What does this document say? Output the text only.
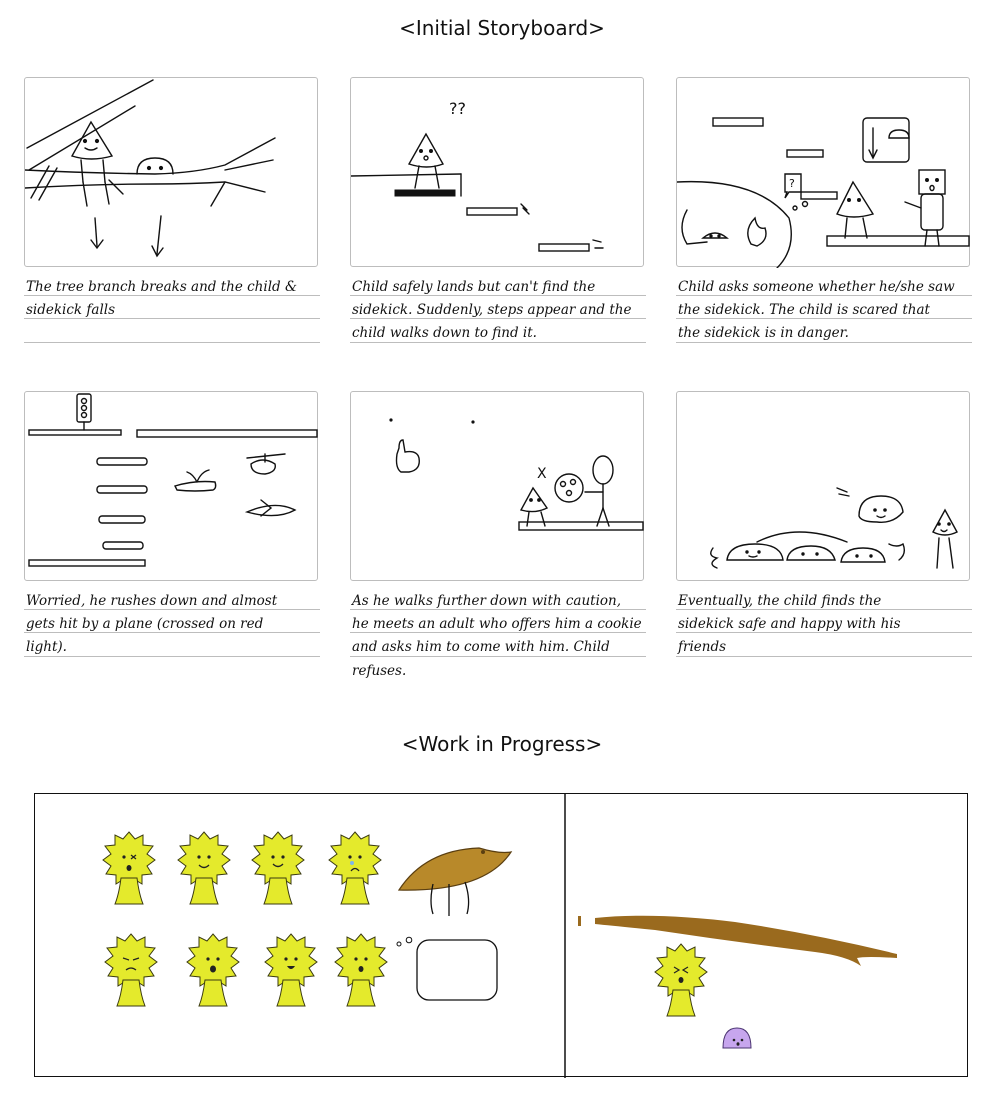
<Initial Storyboard>
<Work in Progress>
The tree branch breaks and the child &
sidekick falls
??
Child safely lands but can't find the
sidekick. Suddenly, steps appear and the
child walks down to find it.
?
Child asks someone whether he/she saw
the sidekick. The child is scared that
the sidekick is in danger.
Worried, he rushes down and almost
gets hit by a plane (crossed on red
light).
X
As he walks further down with caution,
he meets an adult who offers him a cookie
and asks him to come with him. Child refuses.
Eventually, the child finds the
sidekick safe and happy with his
friends
